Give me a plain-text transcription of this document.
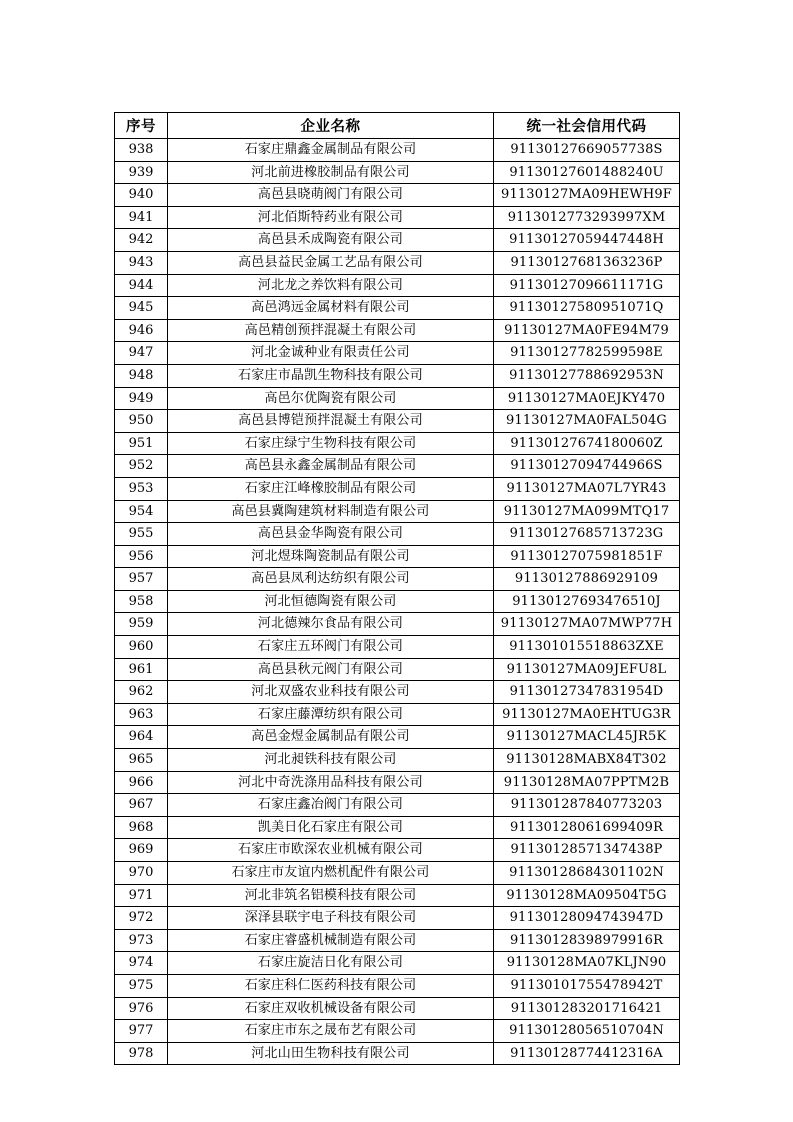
序号	企业名称	统一社会信用代码
938	石家庄鼎鑫金属制品有限公司	91130127669057738S
939	河北前进橡胶制品有限公司	91130127601488240U
940	高邑县晓萌阀门有限公司	91130127MA09HEWH9F
941	河北佰斯特药业有限公司	9113012773293997XM
942	高邑县禾成陶瓷有限公司	91130127059447448H
943	高邑县益民金属工艺品有限公司	91130127681363236P
944	河北龙之养饮料有限公司	91130127096611171G
945	高邑鸿远金属材料有限公司	91130127580951071Q
946	高邑精创预拌混凝土有限公司	91130127MA0FE94M79
947	河北金诚种业有限责任公司	91130127782599598E
948	石家庄市晶凯生物科技有限公司	91130127788692953N
949	高邑尔优陶瓷有限公司	91130127MA0EJKY470
950	高邑县博铠预拌混凝土有限公司	91130127MA0FAL504G
951	石家庄绿宁生物科技有限公司	91130127674180060Z
952	高邑县永鑫金属制品有限公司	91130127094744966S
953	石家庄江峰橡胶制品有限公司	91130127MA07L7YR43
954	高邑县冀陶建筑材料制造有限公司	91130127MA099MTQ17
955	高邑县金华陶瓷有限公司	91130127685713723G
956	河北煜珠陶瓷制品有限公司	91130127075981851F
957	高邑县凤利达纺织有限公司	91130127886929109
958	河北恒德陶瓷有限公司	91130127693476510J
959	河北德辣尔食品有限公司	91130127MA07MWP77H
960	石家庄五环阀门有限公司	911301015518863ZXE
961	高邑县秋元阀门有限公司	91130127MA09JEFU8L
962	河北双盛农业科技有限公司	91130127347831954D
963	石家庄藤潭纺织有限公司	91130127MA0EHTUG3R
964	高邑金煜金属制品有限公司	91130127MACL45JR5K
965	河北昶铁科技有限公司	91130128MABX84T302
966	河北中奇洗涤用品科技有限公司	91130128MA07PPTM2B
967	石家庄鑫冶阀门有限公司	911301287840773203
968	凯美日化石家庄有限公司	91130128061699409R
969	石家庄市欧深农业机械有限公司	91130128571347438P
970	石家庄市友谊内燃机配件有限公司	91130128684301102N
971	河北非筑名铝模科技有限公司	91130128MA09504T5G
972	深泽县联宇电子科技有限公司	91130128094743947D
973	石家庄睿盛机械制造有限公司	91130128398979916R
974	石家庄旋洁日化有限公司	91130128MA07KLJN90
975	石家庄科仁医药科技有限公司	91130101755478942T
976	石家庄双收机械设备有限公司	911301283201716421
977	石家庄市东之晟布艺有限公司	91130128056510704N
978	河北山田生物科技有限公司	91130128774412316A
